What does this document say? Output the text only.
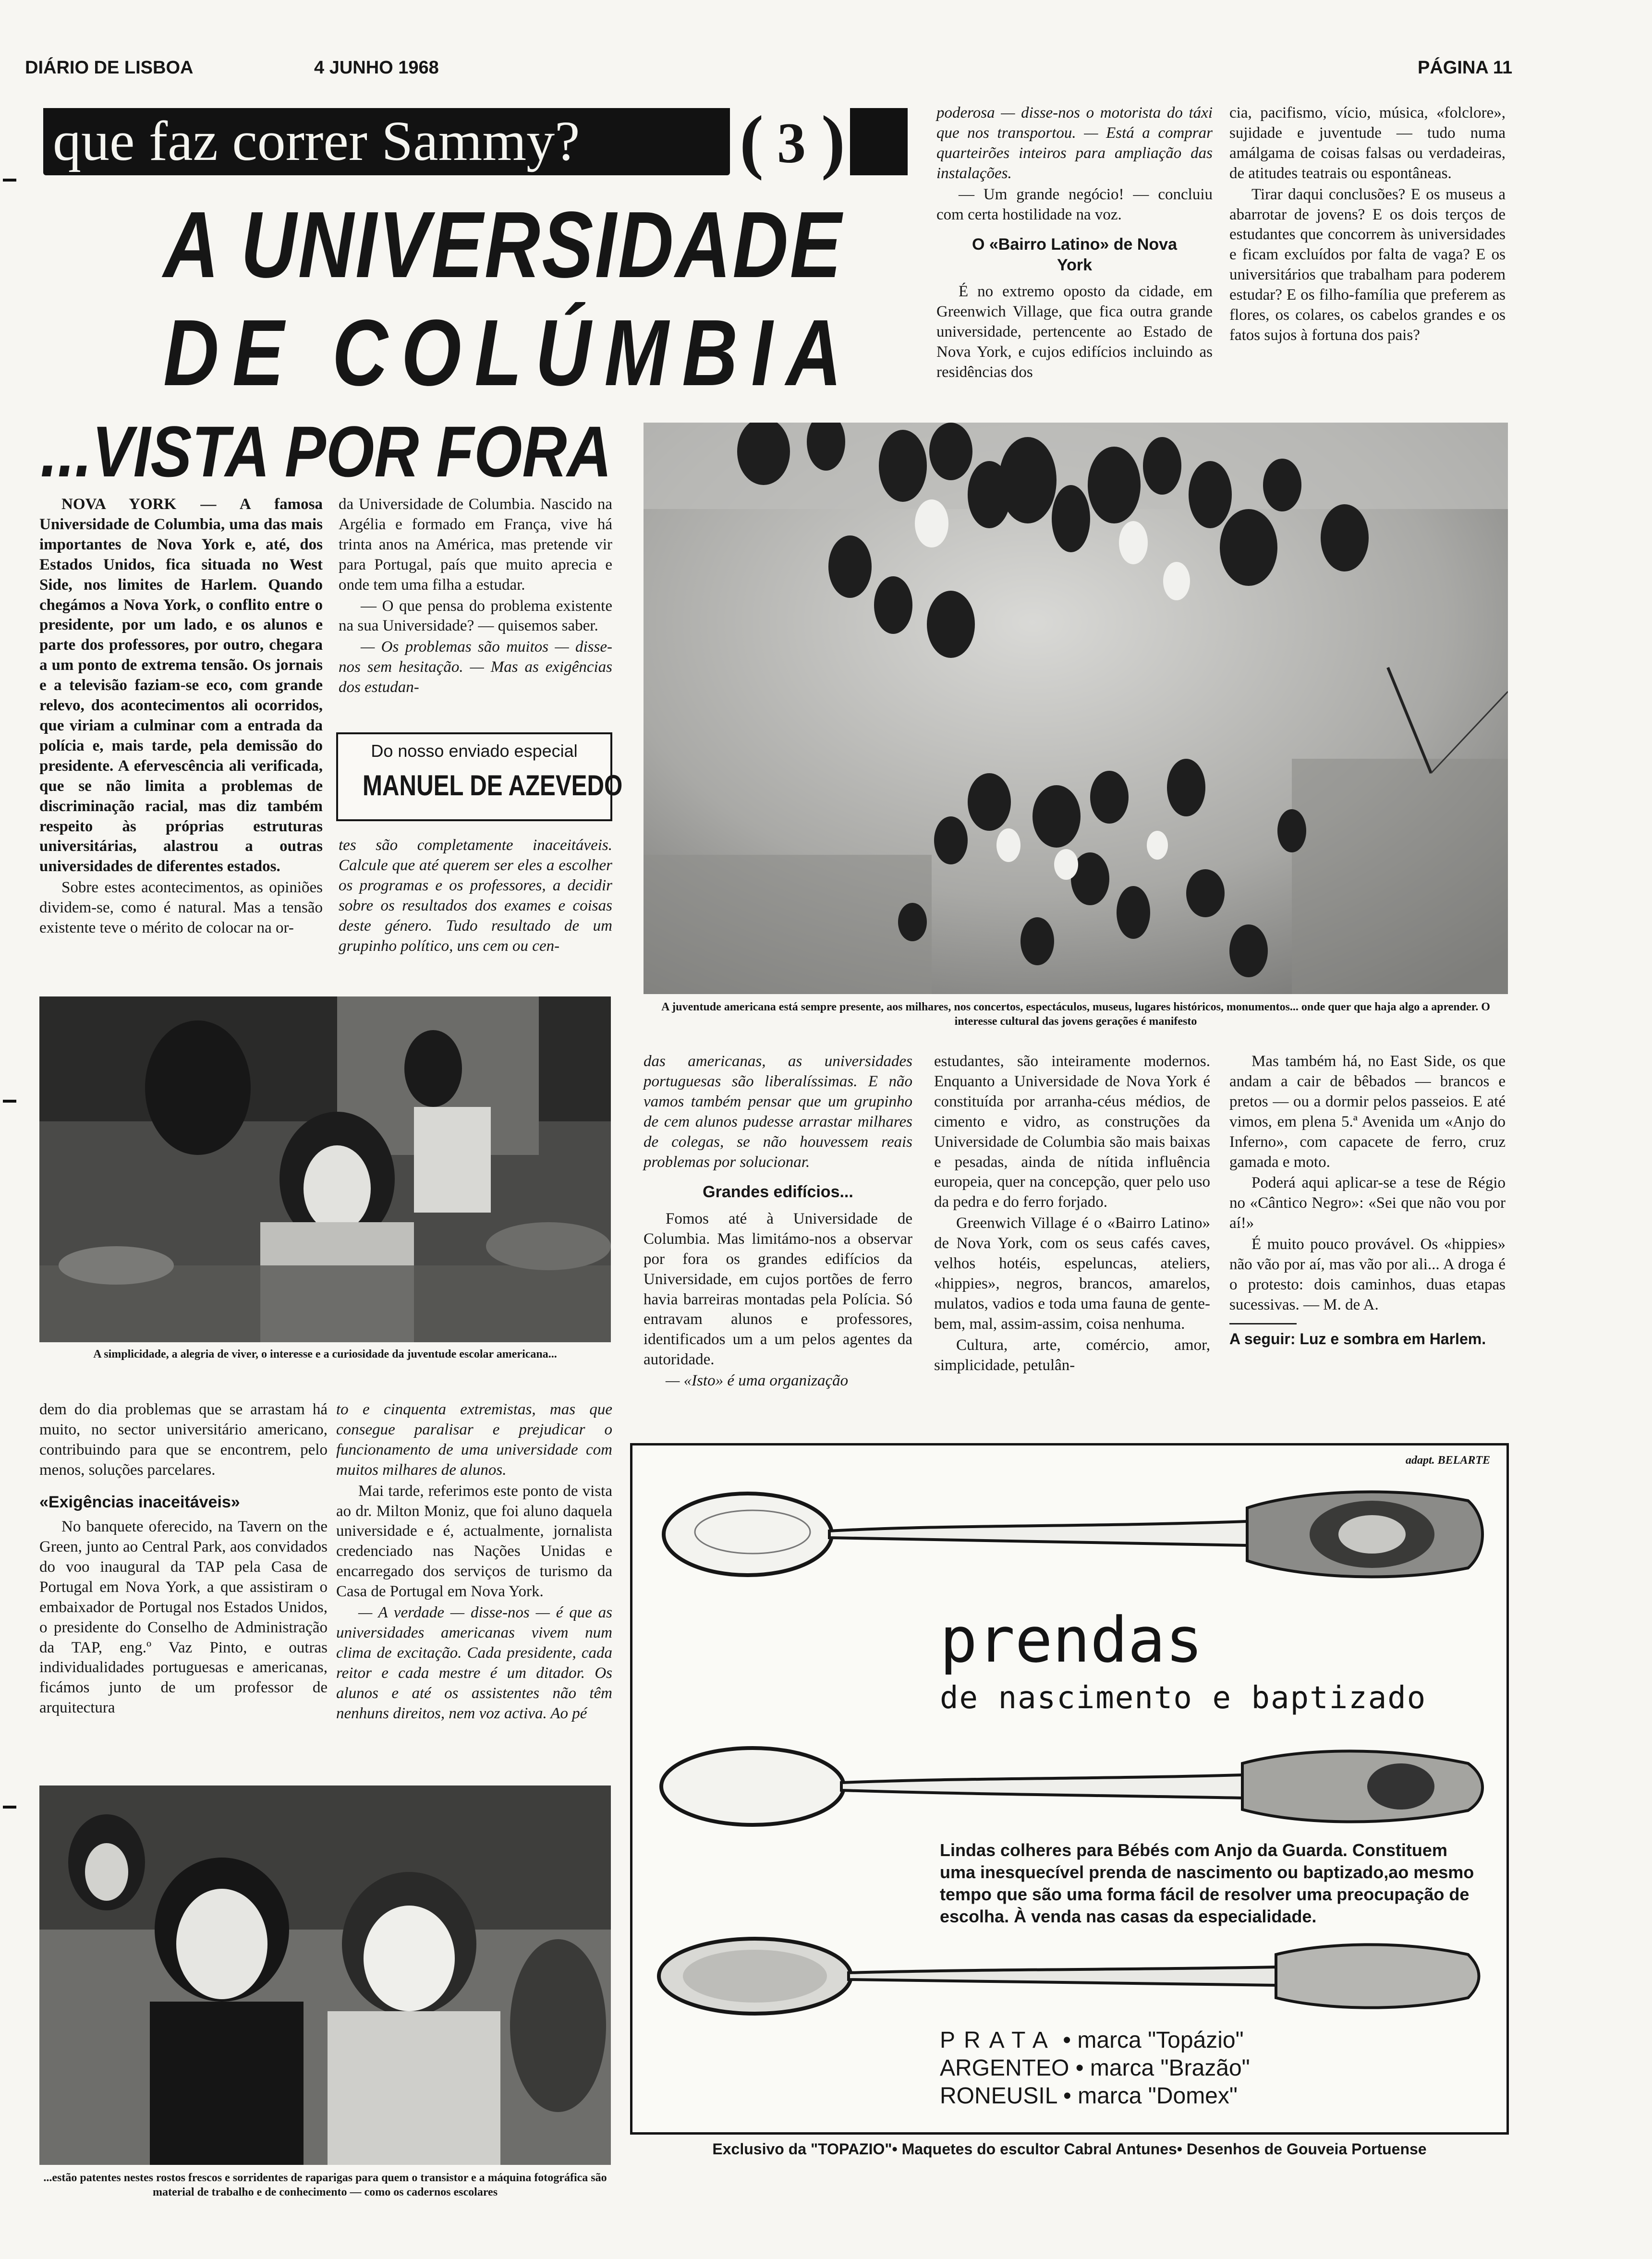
DIÁRIO DE LISBOA	4 JUNHO 1968	PÁGINA 11
que faz correr Sammy? ( 3 )
A UNIVERSIDADE
DE COLÚMBIA
...VISTA POR FORA

NOVA YORK — A famosa Universidade de Columbia, uma das mais importantes de Nova York e, até, dos Estados Unidos, fica situada no West Side, nos limites de Harlem. Quando chegámos a Nova York, o conflito entre o presidente, por um lado, e os alunos e parte dos professores, por outro, chegara a um ponto de extrema tensão. Os jornais e a televisão faziam-se eco, com grande relevo, dos acontecimentos ali ocorridos, que viriam a culminar com a entrada da polícia e, mais tarde, pela demissão do presidente. A efervescência ali verificada, que se não limita a problemas de discriminação racial, mas diz também respeito às próprias estruturas universitárias, alastrou a outras universidades de diferentes estados.

Sobre estes acontecimentos, as opiniões dividem-se, como é natural. Mas a tensão existente teve o mérito de colocar na or-

da Universidade de Columbia. Nascido na Argélia e formado em França, vive há trinta anos na América, mas pretende vir para Portugal, país que muito aprecia e onde tem uma filha a estudar.

— O que pensa do problema existente na sua Universidade? — quisemos saber.

— Os problemas são muitos — disse-nos sem hesitação. — Mas as exigências dos estudan-

Do nosso enviado especial
MANUEL DE AZEVEDO

tes são completamente inaceitáveis. Calcule que até querem ser eles a escolher os programas e os professores, a decidir sobre os resultados dos exames e coisas deste género. Tudo resultado de um grupinho político, uns cem ou cen-

poderosa — disse-nos o motorista do táxi que nos transportou. — Está a comprar quarteirões inteiros para ampliação das instalações.

— Um grande negócio! — concluiu com certa hostilidade na voz.

O «Bairro Latino» de Nova York

É no extremo oposto da cidade, em Greenwich Village, que fica outra grande universidade, pertencente ao Estado de Nova York, e cujos edifícios incluindo as residências dos

cia, pacifismo, vício, música, «folclore», sujidade e juventude — tudo numa amálgama de coisas falsas ou verdadeiras, de atitudes teatrais ou espontâneas.

Tirar daqui conclusões? E os museus a abarrotar de jovens? E os dois terços de estudantes que concorrem às universidades e ficam excluídos por falta de vaga? E os universitários que trabalham para poderem estudar? E os filho-família que preferem as flores, os colares, os cabelos grandes e os fatos sujos à fortuna dos pais?

A juventude americana está sempre presente, aos milhares, nos concertos, espectáculos, museus, lugares históricos, monumentos... onde quer que haja algo a aprender. O interesse cultural das jovens gerações é manifesto
A simplicidade, a alegria de viver, o interesse e a curiosidade da juventude escolar americana...

dem do dia problemas que se arrastam há muito, no sector universitário americano, contribuindo para que se encontrem, pelo menos, soluções parcelares.

«Exigências inaceitáveis»

No banquete oferecido, na Tavern on the Green, junto ao Central Park, aos convidados do voo inaugural da TAP pela Casa de Portugal em Nova York, a que assistiram o embaixador de Portugal nos Estados Unidos, o presidente do Conselho de Administração da TAP, eng.º Vaz Pinto, e outras individualidades portuguesas e americanas, ficámos junto de um professor de arquitectura

to e cinquenta extremistas, mas que consegue paralisar e prejudicar o funcionamento de uma universidade com muitos milhares de alunos.

Mai tarde, referimos este ponto de vista ao dr. Milton Moniz, que foi aluno daquela universidade e é, actualmente, jornalista credenciado nas Nações Unidas e encarregado dos serviços de turismo da Casa de Portugal em Nova York.

— A verdade — disse-nos — é que as universidades americanas vivem num clima de excitação. Cada presidente, cada reitor e cada mestre é um ditador. Os alunos e até os assistentes não têm nenhuns direitos, nem voz activa. Ao pé

das americanas, as universidades portuguesas são liberalíssimas. E não vamos também pensar que um grupinho de cem alunos pudesse arrastar milhares de colegas, se não houvessem reais problemas por solucionar.

Grandes edifícios...

Fomos até à Universidade de Columbia. Mas limitámo-nos a observar por fora os grandes edifícios da Universidade, em cujos portões de ferro havia barreiras montadas pela Polícia. Só entravam alunos e professores, identificados um a um pelos agentes da autoridade.

— «Isto» é uma organização

estudantes, são inteiramente modernos. Enquanto a Universidade de Nova York é constituída por arranha-céus médios, de cimento e vidro, as construções da Universidade de Columbia são mais baixas e pesadas, ainda de nítida influência europeia, quer na concepção, quer pelo uso da pedra e do ferro forjado.

Greenwich Village é o «Bairro Latino» de Nova York, com os seus cafés caves, velhos hotéis, espeluncas, ateliers, «hippies», negros, brancos, amarelos, mulatos, vadios e toda uma fauna de gente-bem, mal, assim-assim, coisa nenhuma.

Cultura, arte, comércio, amor, simplicidade, petulân-

Mas também há, no East Side, os que andam a cair de bêbados — brancos e pretos — ou a dormir pelos passeios. E até vimos, em plena 5.ª Avenida um «Anjo do Inferno», com capacete de ferro, cruz gamada e moto.

Poderá aqui aplicar-se a tese de Régio no «Cântico Negro»: «Sei que não vou por aí!»

É muito pouco provável. Os «hippies» não vão por aí, mas vão por ali... A droga é o protesto: dois caminhos, duas etapas sucessivas. — M. de A.

A seguir: Luz e sombra em Harlem.
...estão patentes nestes rostos frescos e sorridentes de raparigas para quem o transistor e a máquina fotográfica são material de trabalho e de conhecimento — como os cadernos escolares
adapt. BELARTE
prendas
de nascimento e baptizado
Lindas colheres para Bébés com Anjo da Guarda. Constituem uma inesquecível prenda de nascimento ou baptizado,ao mesmo tempo que são uma forma fácil de resolver uma preocupação de escolha. À venda nas casas da especialidade.
PRATA • marca "Topázio"
ARGENTEO • marca "Brazão"
RONEUSIL • marca "Domex"
Exclusivo da "TOPAZIO"• Maquetes do escultor Cabral Antunes• Desenhos de Gouveia Portuense
